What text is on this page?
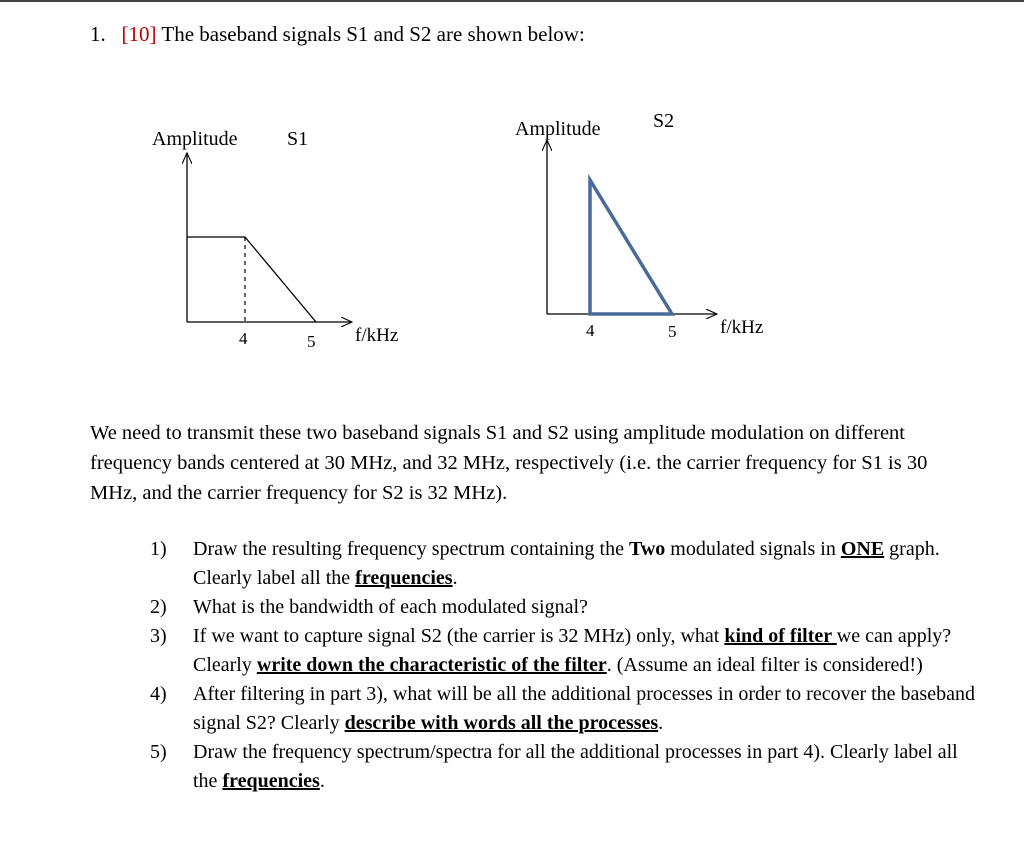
1. [10] The baseband signals S1 and S2 are shown below:
Amplitude S1
4	5 f/kHz
Amplitude	S2
4	5 f/kHz
We need to transmit these two baseband signals S1 and S2 using amplitude modulation on different frequency bands centered at 30 MHz, and 32 MHz, respectively (i.e. the carrier frequency for S1 is 30 MHz, and the carrier frequency for S2 is 32 MHz).
1) Draw the resulting frequency spectrum containing the Two modulated signals in ONE graph. Clearly label all the frequencies.
2) What is the bandwidth of each modulated signal?
3) If we want to capture signal S2 (the carrier is 32 MHz) only, what kind of filter we can apply? Clearly write down the characteristic of the filter. (Assume an ideal filter is considered!)
4) After filtering in part 3), what will be all the additional processes in order to recover the baseband signal S2? Clearly describe with words all the processes.
5) Draw the frequency spectrum/spectra for all the additional processes in part 4). Clearly label all the frequencies.
